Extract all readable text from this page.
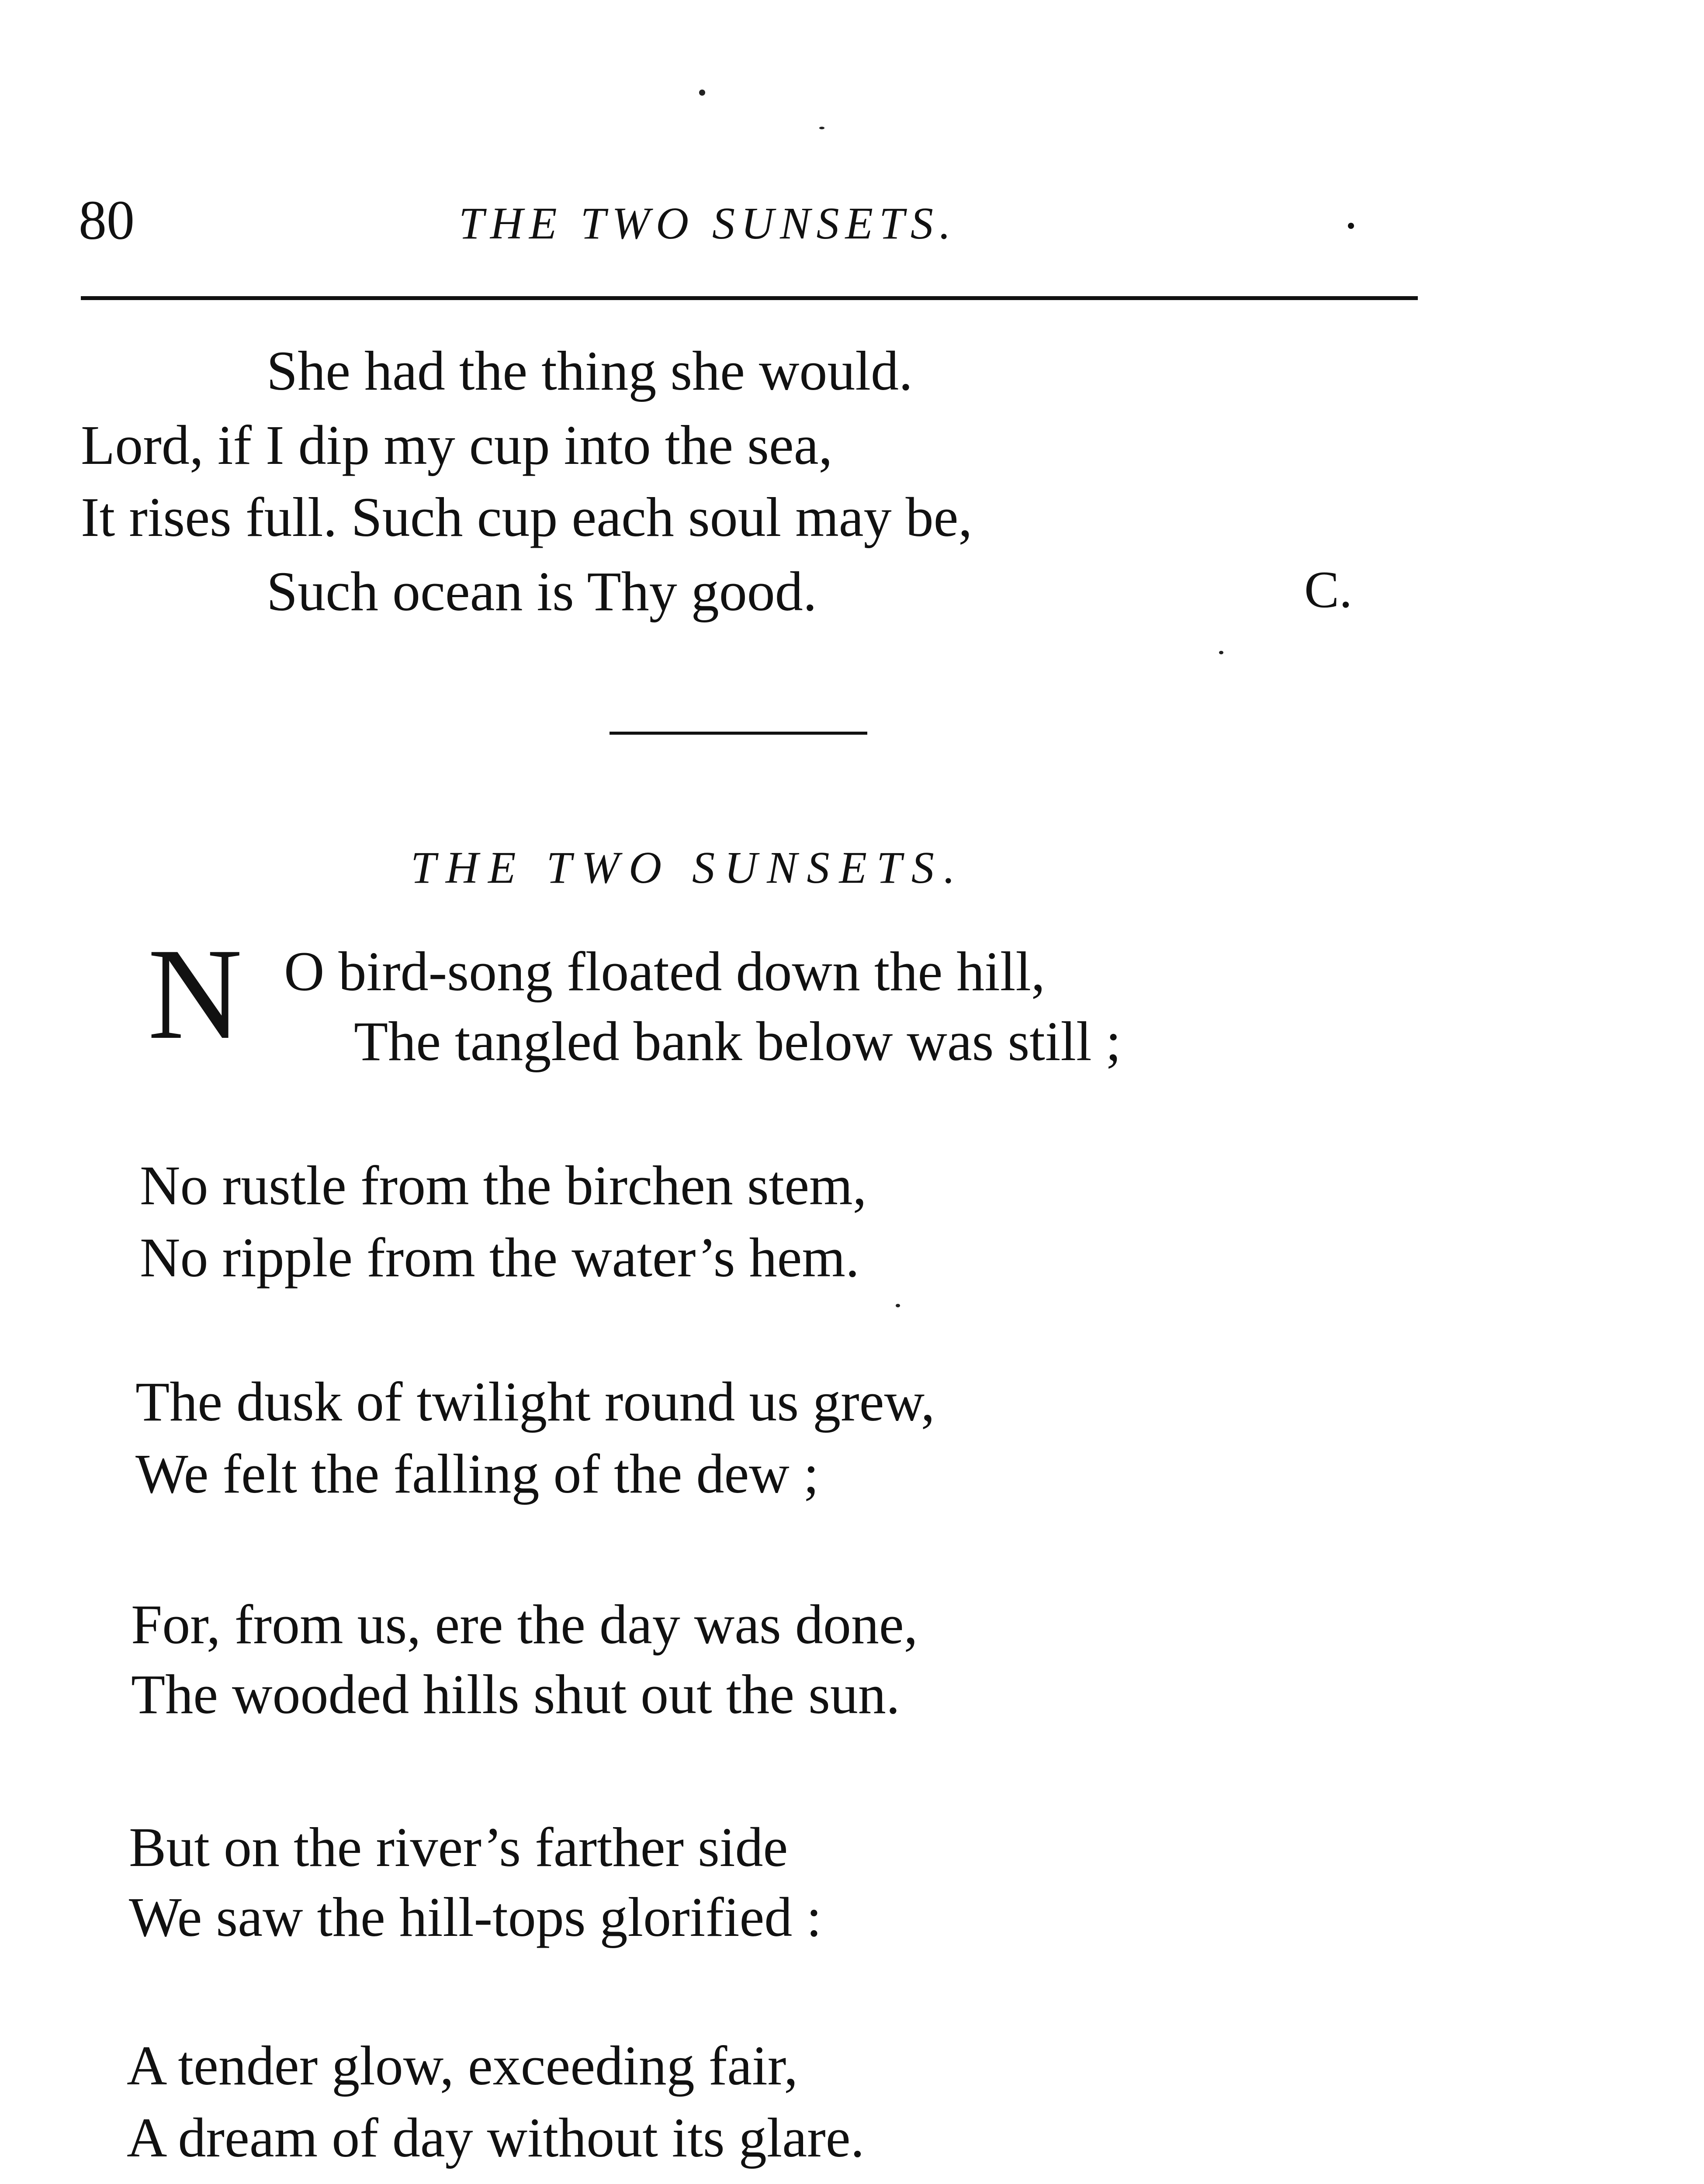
80	THE TWO SUNSETS.
She had the thing she would.
Lord, if I dip my cup into the sea,
It rises full. Such cup each soul may be,
Such ocean is Thy good.	C.
THE TWO SUNSETS.
N O bird-song floated down the hill,
The tangled bank below was still ;
No rustle from the birchen stem,
No ripple from the water’s hem.
The dusk of twilight round us grew,
We felt the falling of the dew ;
For, from us, ere the day was done,
The wooded hills shut out the sun.
But on the river’s farther side
We saw the hill-tops glorified :
A tender glow, exceeding fair,
A dream of day without its glare.
